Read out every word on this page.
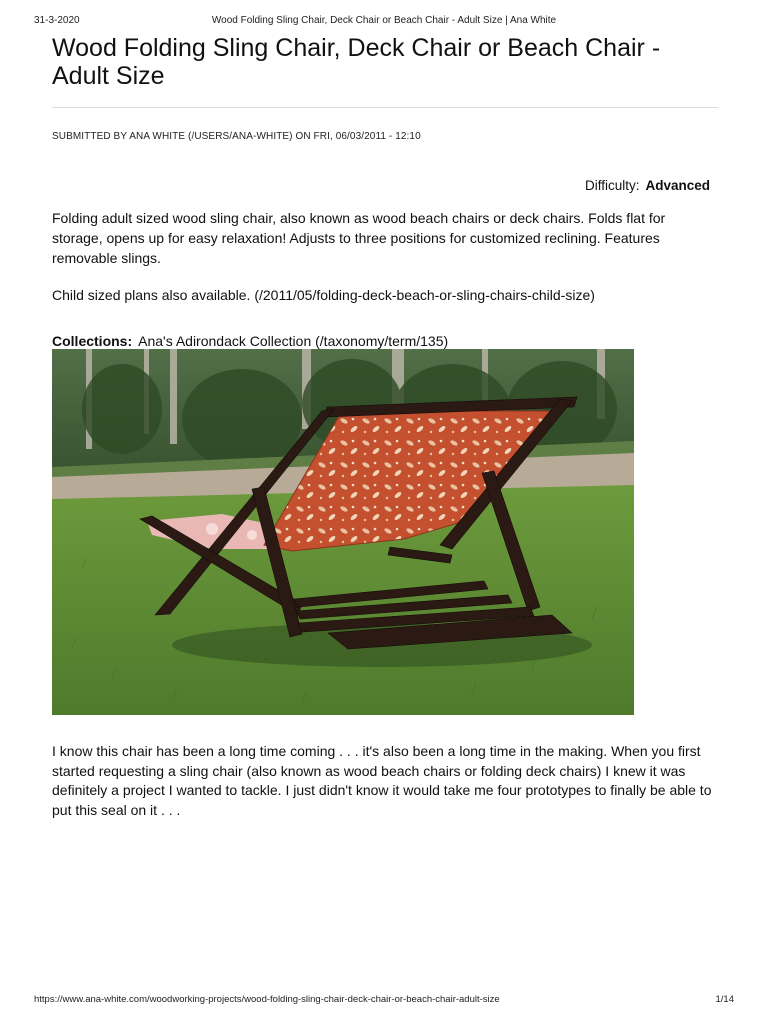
31-3-2020	Wood Folding Sling Chair, Deck Chair or Beach Chair - Adult Size | Ana White
Wood Folding Sling Chair, Deck Chair or Beach Chair - Adult Size
SUBMITTED BY ANA WHITE (/USERS/ANA-WHITE) ON FRI, 06/03/2011 - 12:10
Difficulty: Advanced

Folding adult sized wood sling chair, also known as wood beach chairs or deck chairs. Folds flat for storage, opens up for easy relaxation! Adjusts to three positions for customized reclining. Features removable slings.

Child sized plans also available. (/2011/05/folding-deck-beach-or-sling-chairs-child-size)

Collections: Ana's Adirondack Collection (/taxonomy/term/135)

I know this chair has been a long time coming . . . it's also been a long time in the making. When you first started requesting a sling chair (also known as wood beach chairs or folding deck chairs) I knew it was definitely a project I wanted to tackle. I just didn't know it would take me four prototypes to finally be able to put this seal on it . . .

https://www.ana-white.com/woodworking-projects/wood-folding-sling-chair-deck-chair-or-beach-chair-adult-size	1/14
